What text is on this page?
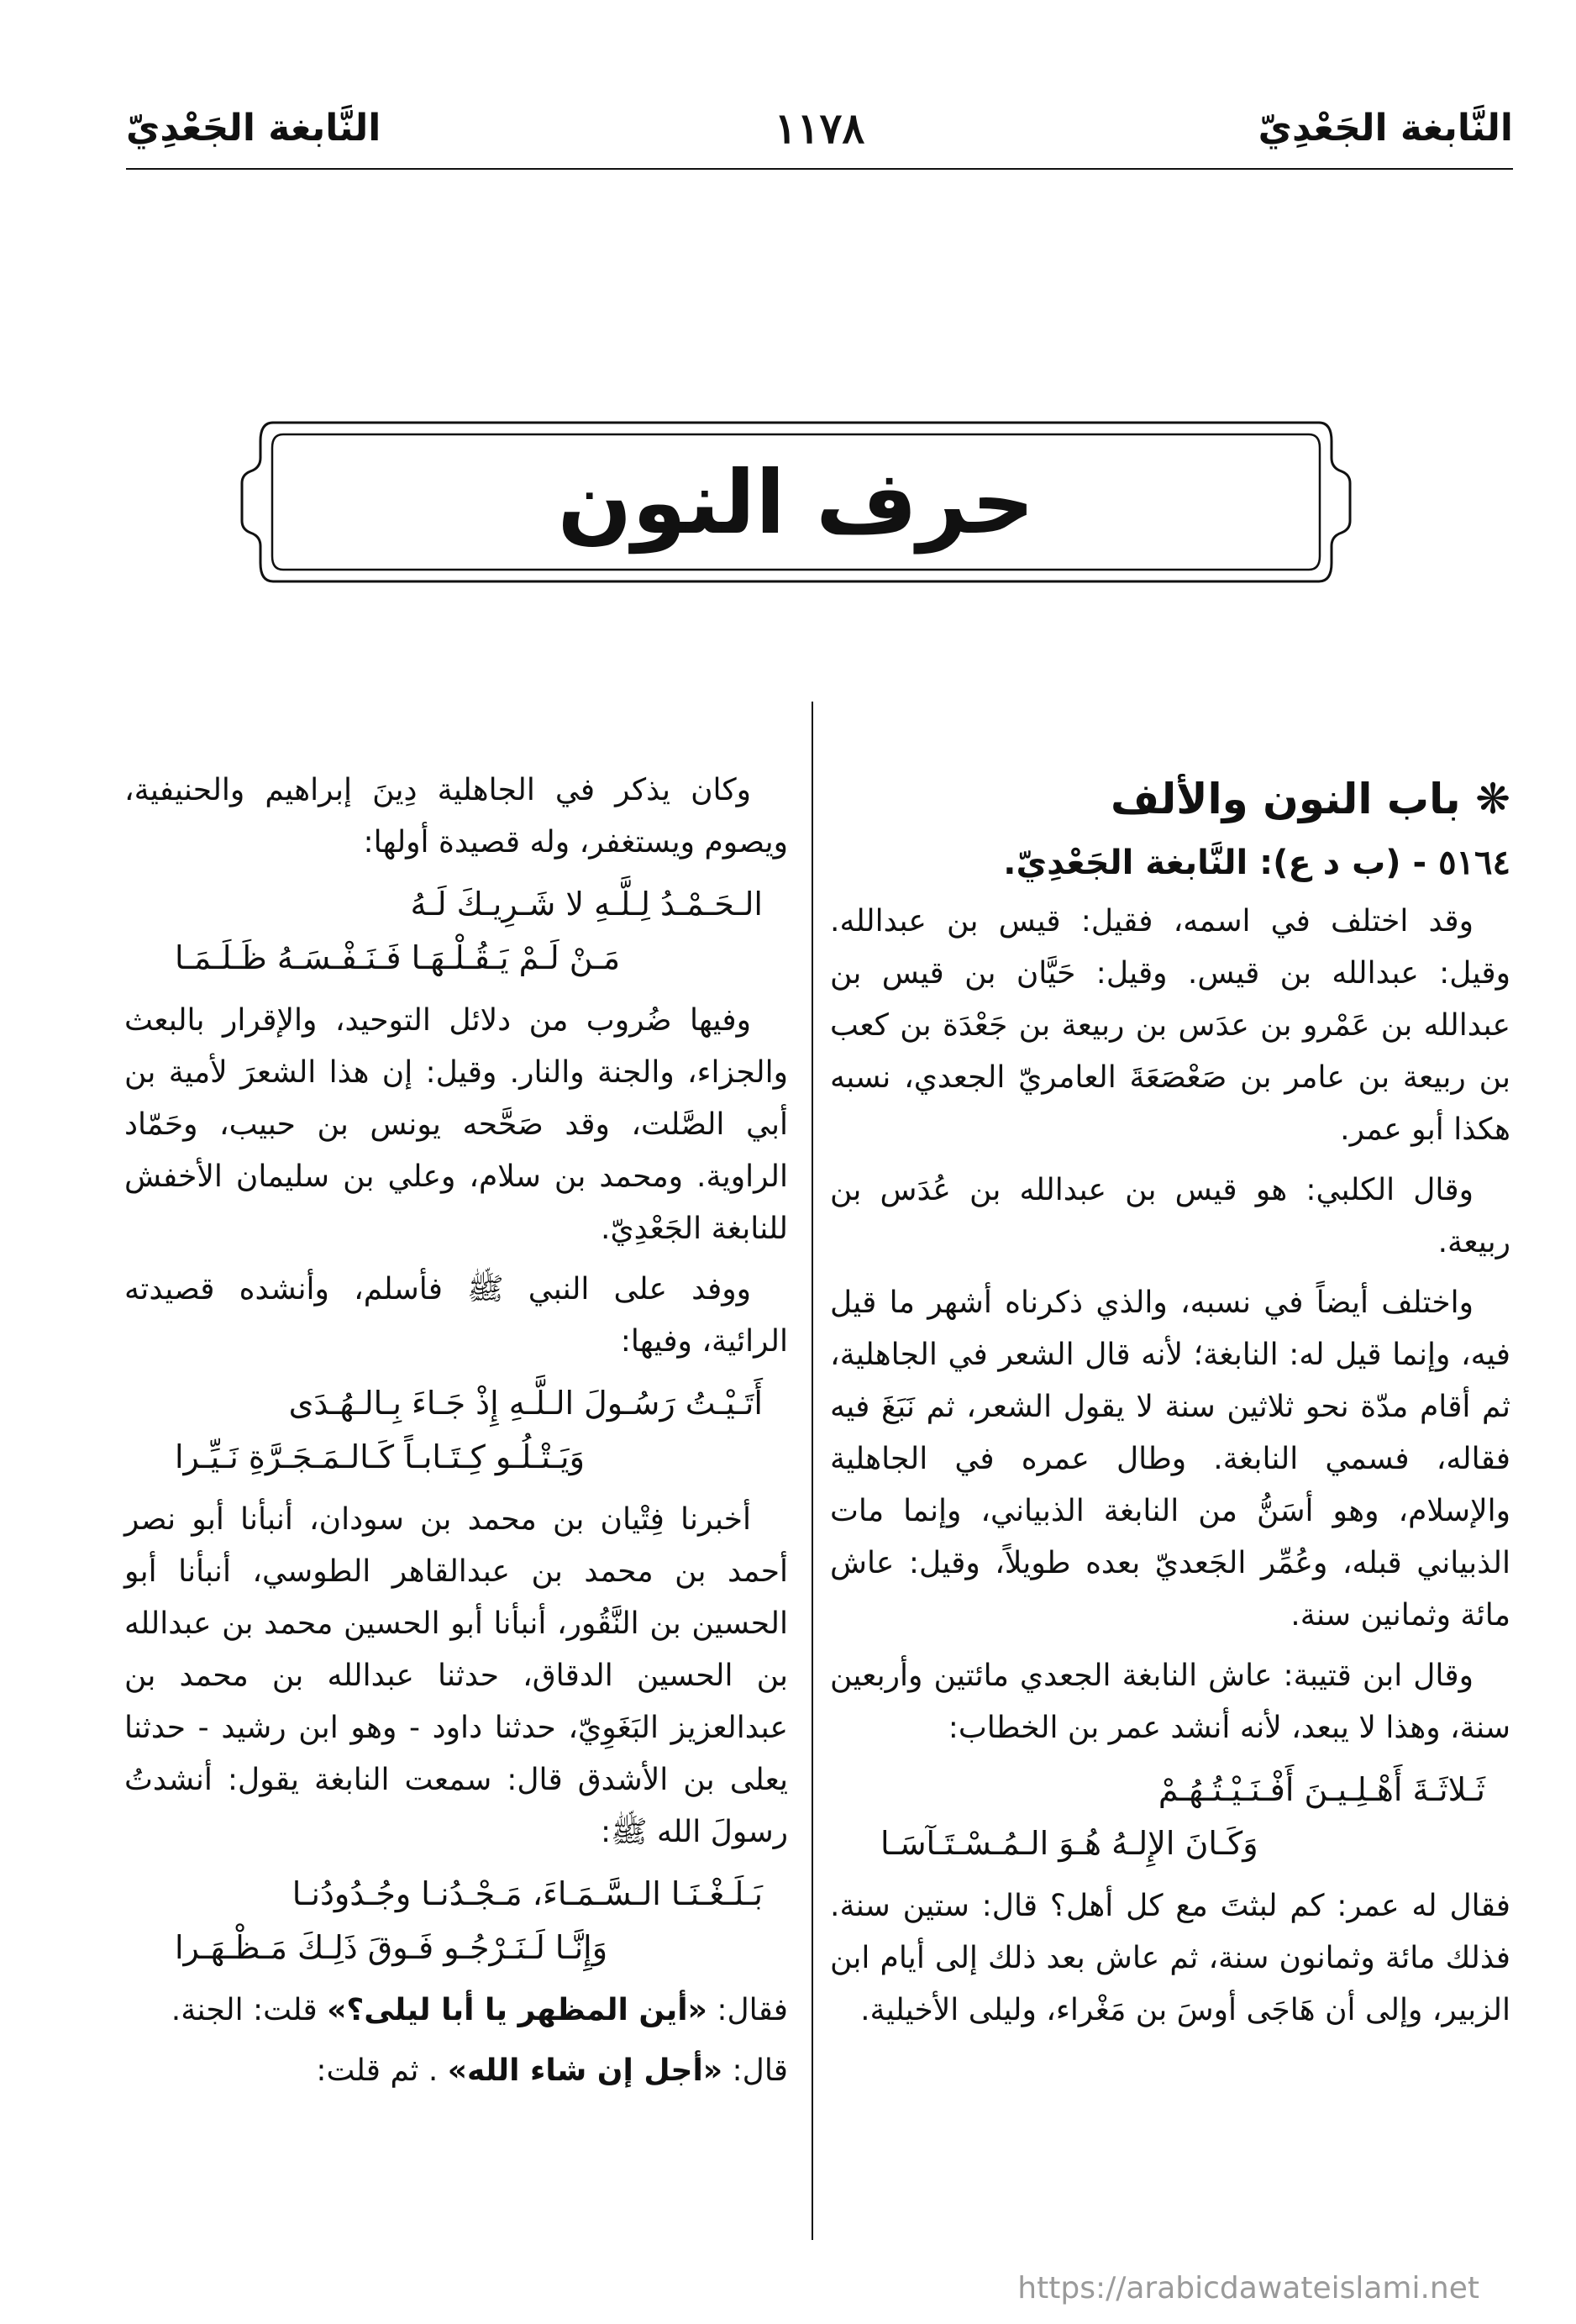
النَّابغة الجَعْدِيّ
١١٧٨
النَّابغة الجَعْدِيّ
حرف النون
❋ باب النون والألف
٥١٦٤ - (ب د ع): النَّابغة الجَعْدِيّ.

وقد اختلف في اسمه، فقيل: قيس بن عبدالله. وقيل: عبدالله بن قيس. وقيل: حَيَّان بن قيس بن عبدالله بن عَمْرو بن عدَس بن ربيعة بن جَعْدَة بن كعب بن ربيعة بن عامر بن صَعْصَعَةَ العامريّ الجعدي، نسبه هكذا أبو عمر.

وقال الكلبي: هو قيس بن عبدالله بن عُدَس بن ربيعة.

واختلف أيضاً في نسبه، والذي ذكرناه أشهر ما قيل فيه، وإنما قيل له: النابغة؛ لأنه قال الشعر في الجاهلية، ثم أقام مدّة نحو ثلاثين سنة لا يقول الشعر، ثم نَبَغَ فيه فقاله، فسمي النابغة. وطال عمره في الجاهلية والإسلام، وهو أسَنُّ من النابغة الذبياني، وإنما مات الذبياني قبله، وعُمِّر الجَعديّ بعده طويلاً، وقيل: عاش مائة وثمانين سنة.

وقال ابن قتيبة: عاش النابغة الجعدي مائتين وأربعين سنة، وهذا لا يبعد، لأنه أنشد عمر بن الخطاب:

ثَـلاثَـةَ أَهْـلِـيـنَ أَفْـنَـيْـتُـهُـمْ
وَكَـانَ الإِلـهُ هُـوَ الـمُـسْـتَـآسَـا

فقال له عمر: كم لبثتَ مع كل أهل؟ قال: ستين سنة. فذلك مائة وثمانون سنة، ثم عاش بعد ذلك إلى أيام ابن الزبير، وإلى أن هَاجَى أوسَ بن مَغْراء، وليلى الأخيلية.

وكان يذكر في الجاهلية دِينَ إبراهيم والحنيفية، ويصوم ويستغفر، وله قصيدة أولها:

الـحَـمْـدُ لِـلَّـهِ لا شَـرِيـكَ لَـهُ
مَـنْ لَـمْ يَـقُـلْـهَـا فَـنَـفْـسَـهُ ظَـلَـمَـا

وفيها ضُروب من دلائل التوحيد، والإقرار بالبعث والجزاء، والجنة والنار. وقيل: إن هذا الشعرَ لأمية بن أبي الصَّلت، وقد صَحَّحه يونس بن حبيب، وحَمّاد الراوية. ومحمد بن سلام، وعلي بن سليمان الأخفش للنابغة الجَعْدِيّ.

ووفد على النبي ﷺ فأسلم، وأنشده قصيدته الرائية، وفيها:

أَتَـيْـتُ رَسُـولَ الـلَّـهِ إِذْ جَـاءَ بِـالـهُـدَى
وَيَـتْـلُـو كِـتَـابـاً كَـالـمَـجَـرَّةِ نَـيِّـرا

أخبرنا فِتْيان بن محمد بن سودان، أنبأنا أبو نصر أحمد بن محمد بن عبدالقاهر الطوسي، أنبأنا أبو الحسين بن النَّقُور، أنبأنا أبو الحسين محمد بن عبدالله بن الحسين الدقاق، حدثنا عبدالله بن محمد بن عبدالعزيز البَغَوِيّ، حدثنا داود - وهو ابن رشيد - حدثنا يعلى بن الأشدق قال: سمعت النابغة يقول: أنشدتُ رسولَ الله ﷺ:

بَـلَـغْـنَـا الـسَّـمَـاءَ، مَـجْـدُنـا وجُـدُودُنـا
وَإِنَّـا لَـنَـرْجُـو فَـوقَ ذَلِـكَ مَـظْـهَـرا

فقال: «أين المظهر يا أبا ليلى؟» قلت: الجنة.

قال: «أجل إن شاء الله» . ثم قلت:

https://arabicdawateislami.net
